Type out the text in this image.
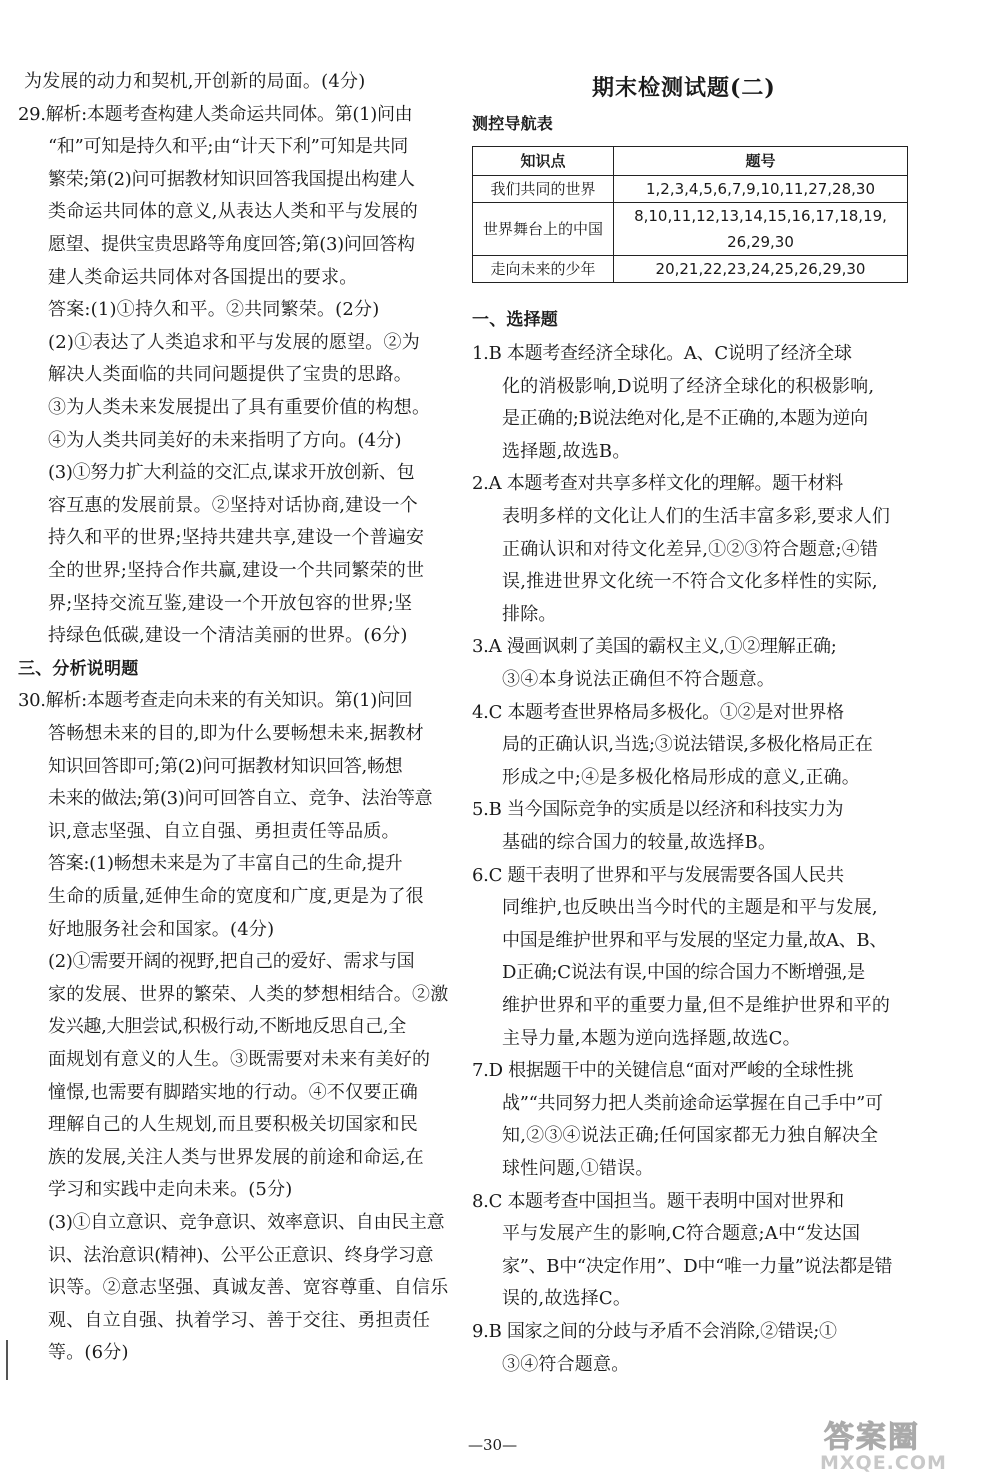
为发展的动力和契机,开创新的局面。(4分)
29.解析:本题考查构建人类命运共同体。第(1)问由
“和”可知是持久和平;由“计天下利”可知是共同
繁荣;第(2)问可据教材知识回答我国提出构建人
类命运共同体的意义,从表达人类和平与发展的
愿望、提供宝贵思路等角度回答;第(3)问回答构
建人类命运共同体对各国提出的要求。
答案:(1)①持久和平。②共同繁荣。(2分)
(2)①表达了人类追求和平与发展的愿望。②为
解决人类面临的共同问题提供了宝贵的思路。
③为人类未来发展提出了具有重要价值的构想。
④为人类共同美好的未来指明了方向。(4分)
(3)①努力扩大利益的交汇点,谋求开放创新、包
容互惠的发展前景。②坚持对话协商,建设一个
持久和平的世界;坚持共建共享,建设一个普遍安
全的世界;坚持合作共赢,建设一个共同繁荣的世
界;坚持交流互鉴,建设一个开放包容的世界;坚
持绿色低碳,建设一个清洁美丽的世界。(6分)
三、分析说明题
30.解析:本题考查走向未来的有关知识。第(1)问回
答畅想未来的目的,即为什么要畅想未来,据教材
知识回答即可;第(2)问可据教材知识回答,畅想
未来的做法;第(3)问可回答自立、竞争、法治等意
识,意志坚强、自立自强、勇担责任等品质。
答案:(1)畅想未来是为了丰富自己的生命,提升
生命的质量,延伸生命的宽度和广度,更是为了很
好地服务社会和国家。(4分)
(2)①需要开阔的视野,把自己的爱好、需求与国
家的发展、世界的繁荣、人类的梦想相结合。②激
发兴趣,大胆尝试,积极行动,不断地反思自己,全
面规划有意义的人生。③既需要对未来有美好的
憧憬,也需要有脚踏实地的行动。④不仅要正确
理解自己的人生规划,而且要积极关切国家和民
族的发展,关注人类与世界发展的前途和命运,在
学习和实践中走向未来。(5分)
(3)①自立意识、竞争意识、效率意识、自由民主意
识、法治意识(精神)、公平公正意识、终身学习意
识等。②意志坚强、真诚友善、宽容尊重、自信乐
观、自立自强、执着学习、善于交往、勇担责任
等。(6分)
期末检测试题(二)
测控导航表
知识点	题号
我们共同的世界	1,2,3,4,5,6,7,9,10,11,27,28,30

世界舞台上的中国	8,10,11,12,13,14,15,16,17,18,19,
26,29,30

走向未来的少年	20,21,22,23,24,25,26,29,30
一、选择题
1.B 本题考查经济全球化。A、C说明了经济全球
化的消极影响,D说明了经济全球化的积极影响,
是正确的;B说法绝对化,是不正确的,本题为逆向
选择题,故选B。
2.A 本题考查对共享多样文化的理解。题干材料
表明多样的文化让人们的生活丰富多彩,要求人们
正确认识和对待文化差异,①②③符合题意;④错
误,推进世界文化统一不符合文化多样性的实际,
排除。
3.A 漫画讽刺了美国的霸权主义,①②理解正确;
③④本身说法正确但不符合题意。
4.C 本题考查世界格局多极化。①②是对世界格
局的正确认识,当选;③说法错误,多极化格局正在
形成之中;④是多极化格局形成的意义,正确。
5.B 当今国际竞争的实质是以经济和科技实力为
基础的综合国力的较量,故选择B。
6.C 题干表明了世界和平与发展需要各国人民共
同维护,也反映出当今时代的主题是和平与发展,
中国是维护世界和平与发展的坚定力量,故A、B、
D正确;C说法有误,中国的综合国力不断增强,是
维护世界和平的重要力量,但不是维护世界和平的
主导力量,本题为逆向选择题,故选C。
7.D 根据题干中的关键信息“面对严峻的全球性挑
战”“共同努力把人类前途命运掌握在自己手中”可
知,②③④说法正确;任何国家都无力独自解决全
球性问题,①错误。
8.C 本题考查中国担当。题干表明中国对世界和
平与发展产生的影响,C符合题意;A中“发达国
家”、B中“决定作用”、D中“唯一力量”说法都是错
误的,故选择C。
9.B 国家之间的分歧与矛盾不会消除,②错误;①
③④符合题意。
—30—	答案圈
MXQE.COM
